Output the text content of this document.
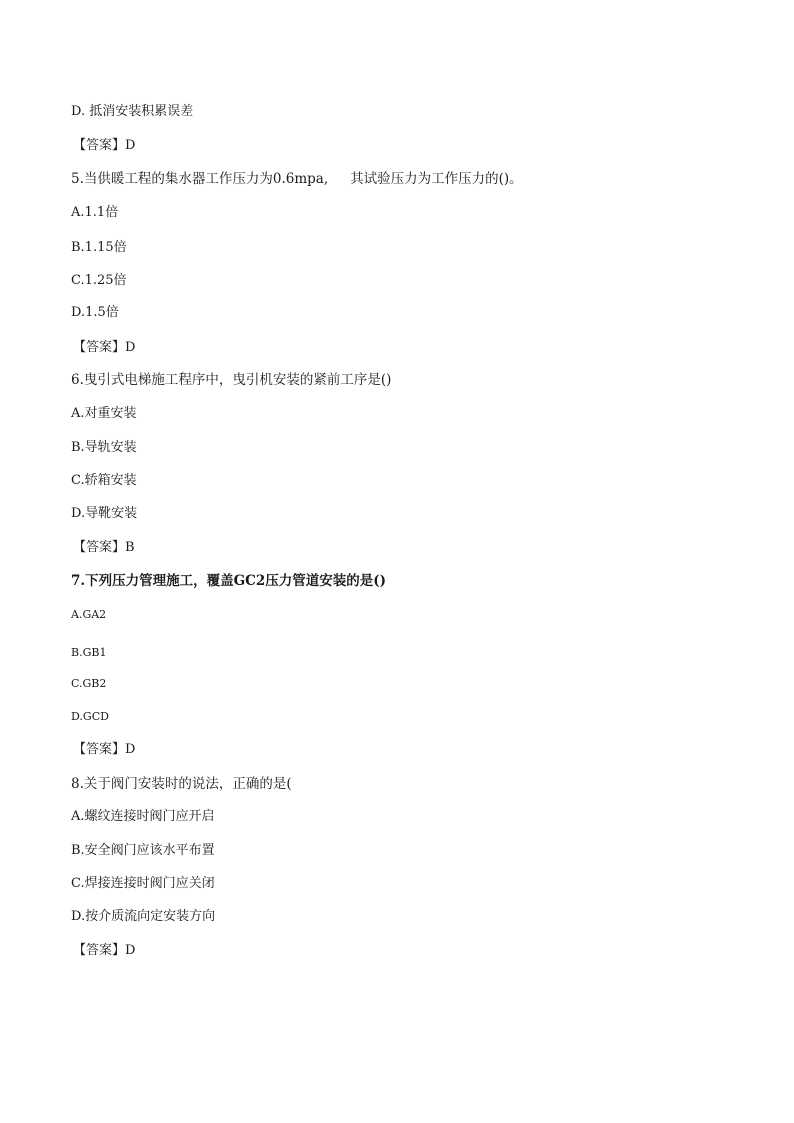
D. 抵消安装积累误差
【答案】D
5.当供暖工程的集水器工作压力为0.6mpa, 其试验压力为工作压力的()。
A.1.1倍
B.1.15倍
C.1.25倍
D.1.5倍
【答案】D
6.曳引式电梯施工程序中，曳引机安装的紧前工序是()
A.对重安装
B.导轨安装
C.轿箱安装
D.导靴安装
【答案】B
7.下列压力管理施工，覆盖GC2压力管道安装的是()
A.GA2
B.GB1
C.GB2
D.GCD
【答案】D
8.关于阀门安装时的说法，正确的是(
A.螺纹连接时阀门应开启
B.安全阀门应该水平布置
C.焊接连接时阀门应关闭
D.按介质流向定安装方向
【答案】D
